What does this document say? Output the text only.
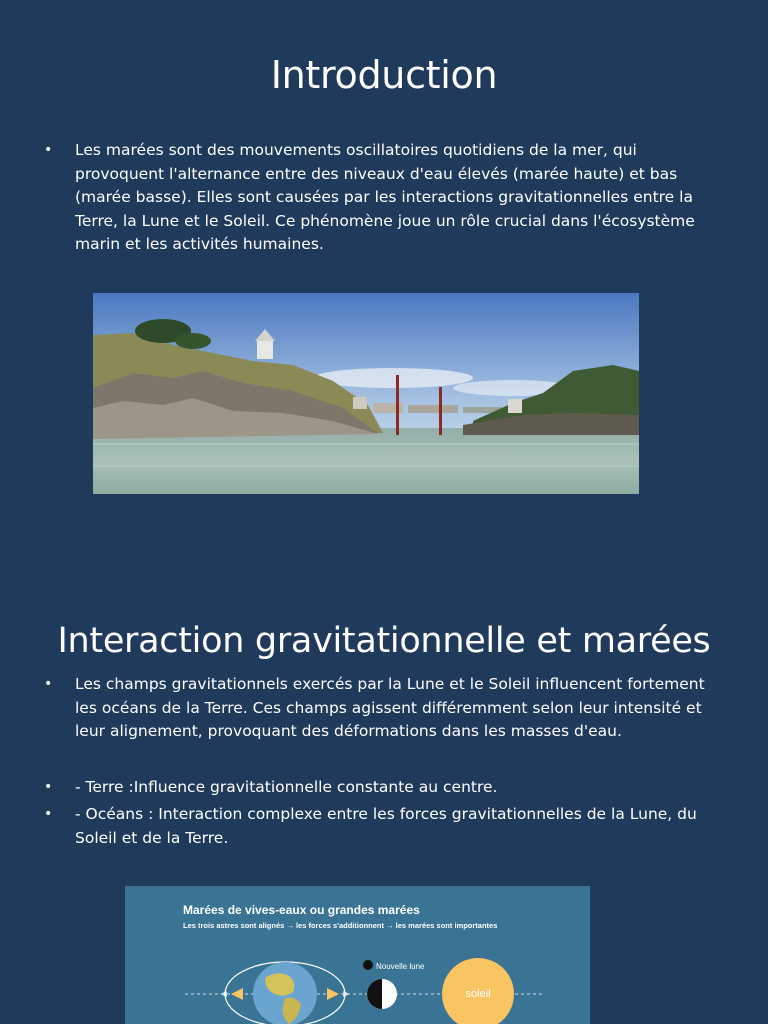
Introduction
• Les marées sont des mouvements oscillatoires quotidiens de la mer, qui provoquent l'alternance entre des niveaux d'eau élevés (marée haute) et bas (marée basse). Elles sont causées par les interactions gravitationnelles entre la Terre, la Lune et le Soleil. Ce phénomène joue un rôle crucial dans l'écosystème marin et les activités humaines.
Interaction gravitationnelle et marées
• Les champs gravitationnels exercés par la Lune et le Soleil influencent fortement les océans de la Terre. Ces champs agissent différemment selon leur intensité et leur alignement, provoquant des déformations dans les masses d'eau.
• - Terre :Influence gravitationnelle constante au centre.
• - Océans : Interaction complexe entre les forces gravitationnelles de la Lune, du Soleil et de la Terre.
Marées de vives-eaux ou grandes marées
Les trois astres sont alignés → les forces s'additionnent → les marées sont importantes
Nouvelle lune
soleil
